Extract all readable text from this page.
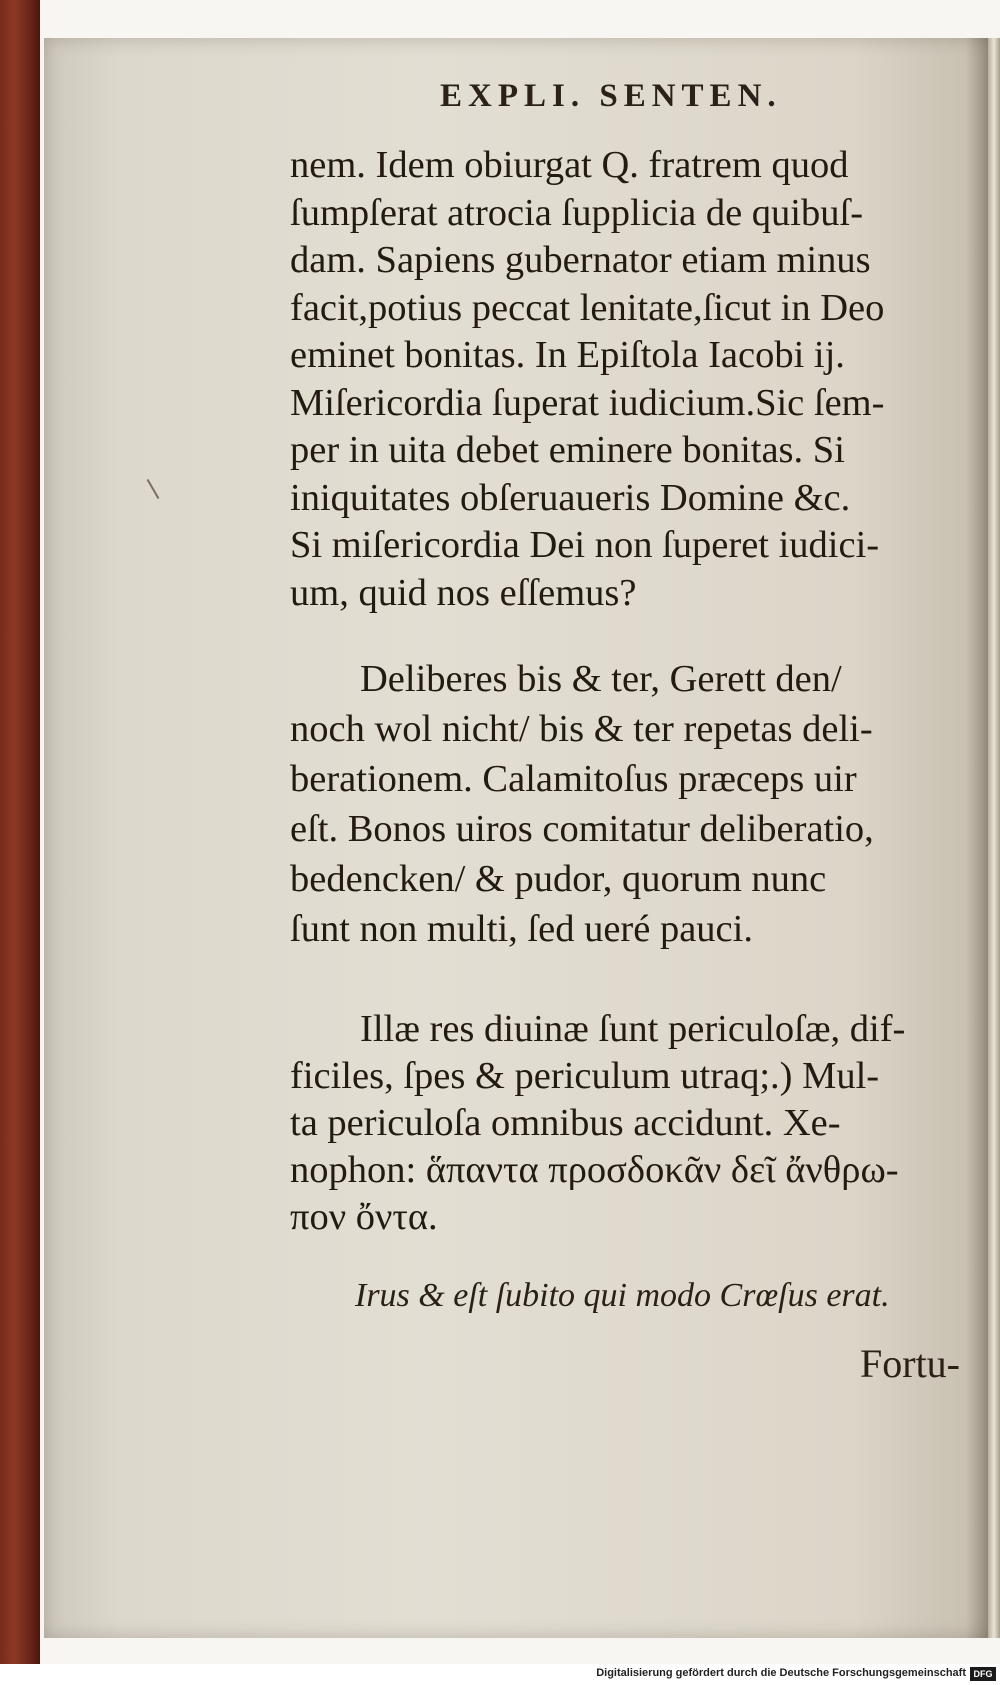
EXPLI. SENTEN.
nem. Idem obiurgat Q. fratrem quod
ſumpſerat atrocia ſupplicia de quibuſ-
dam. Sapiens gubernator etiam minus
facit,potius peccat lenitate,ſicut in Deo
eminet bonitas. In Epiſtola Iacobi ij.
Miſericordia ſuperat iudicium.Sic ſem-
per in uita debet eminere bonitas. Si
iniquitates obſeruaueris Domine &c.
Si miſericordia Dei non ſuperet iudici-
um, quid nos eſſemus?
Deliberes bis & ter, Gerett den/
noch wol nicht/ bis & ter repetas deli-
berationem. Calamitoſus præceps uir
eſt. Bonos uiros comitatur deliberatio,
bedencken/ & pudor, quorum nunc
ſunt non multi, ſed ueré pauci.
Illæ res diuinæ ſunt periculoſæ, dif-
ficiles, ſpes & periculum utraq;.) Mul-
ta periculoſa omnibus accidunt. Xe-
nophon: ἅπαντα προσδοκᾶν δεῖ ἄνθρω-
πον ὄντα.
Irus & eſt ſubito qui modo Crœſus erat.
Fortu-
Digitalisierung gefördert durch die Deutsche Forschungsgemeinschaft DFG
